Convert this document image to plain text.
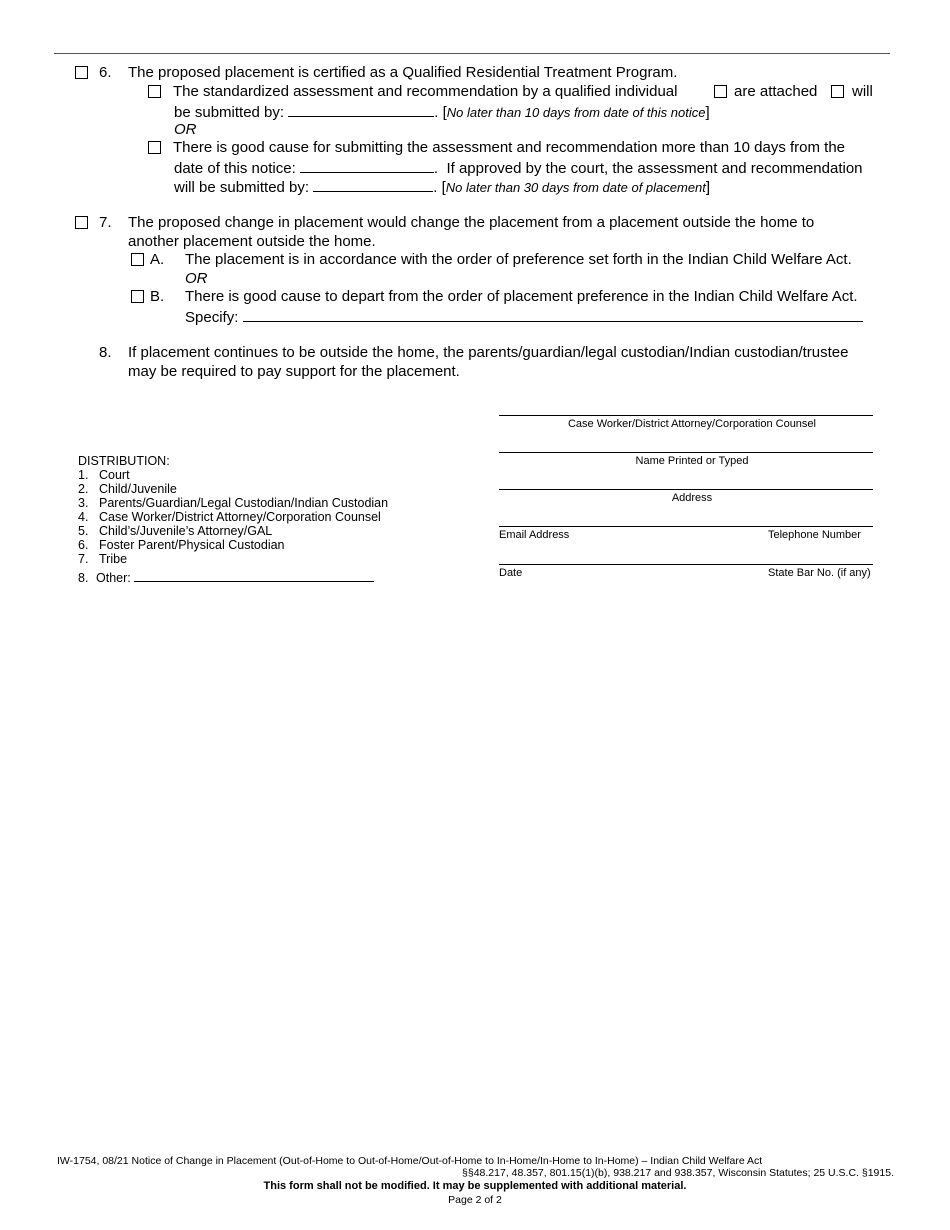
6. The proposed placement is certified as a Qualified Residential Treatment Program.
The standardized assessment and recommendation by a qualified individual	are attached will
be submitted by:	. [No later than 10 days from date of this notice]
OR
There is good cause for submitting the assessment and recommendation more than 10 days from the
date of this notice:	.  If approved by the court, the assessment and recommendation
will be submitted by:	. [No later than 30 days from date of placement]
7. The proposed change in placement would change the placement from a placement outside the home to
another placement outside the home.
A. The placement is in accordance with the order of preference set forth in the Indian Child Welfare Act.
OR
B. There is good cause to depart from the order of placement preference in the Indian Child Welfare Act.
Specify:
8. If placement continues to be outside the home, the parents/guardian/legal custodian/Indian custodian/trustee
may be required to pay support for the placement.
Case Worker/District Attorney/Corporation Counsel
Name Printed or Typed
Address
Email Address	Telephone Number
Date	State Bar No. (if any)
DISTRIBUTION:
1. Court
2. Child/Juvenile
3. Parents/Guardian/Legal Custodian/Indian Custodian
4. Case Worker/District Attorney/Corporation Counsel
5. Child’s/Juvenile’s Attorney/GAL
6. Foster Parent/Physical Custodian
7. Tribe
8. Other:
IW-1754, 08/21 Notice of Change in Placement (Out-of-Home to Out-of-Home/Out-of-Home to In-Home/In-Home to In-Home) – Indian Child Welfare Act
§§48.217, 48.357, 801.15(1)(b), 938.217 and 938.357, Wisconsin Statutes; 25 U.S.C. §1915.
This form shall not be modified. It may be supplemented with additional material.
Page 2 of 2
